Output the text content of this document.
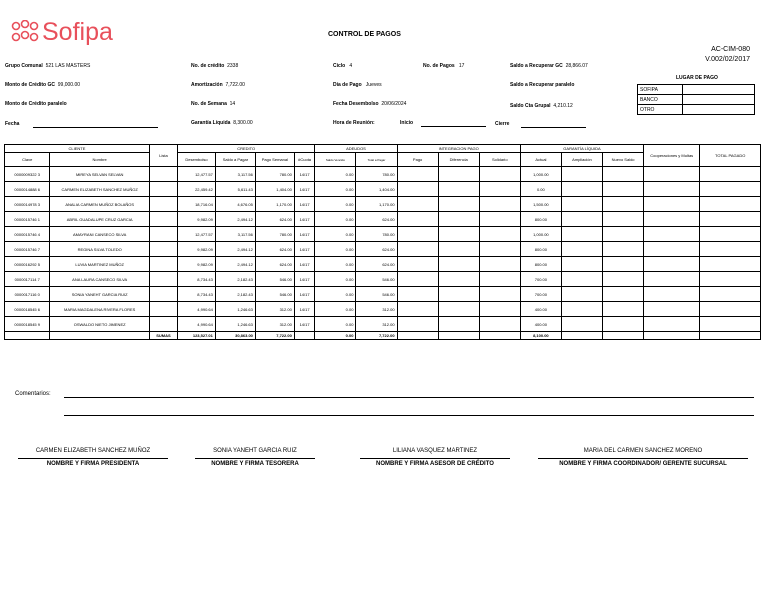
Sofipa	CONTROL DE PAGOS
AC-CIM-080
V.002/02/2017
Grupo Comunal 521 LAS MASTERS	No. de crédito 2338	Ciclo 4	No. de Pagos 17	Saldo a Recuperar GC 28,866.07
Monto de Crédito GC 99,000.00	Amortización 7,722.00	Día de Pago Jueves	Saldo a Recuperar paralelo
LUGAR DE PAGO
SOFIPA	
BANCO	
OTRO	
Monto de Crédito paralelo	No. de Semana 14	Fecha Desembolso 20/06/2024	Saldo Cta Grupal 4,210.12
Fecha	Garantía Líquida 8,300.00	Hora de Reunión:	Inicio	Cierre
CLIENTE		Lista	CREDITO				ADEUDOS		INTEGRACION PAGO			GARANTÍA LÍQUIDA			Cooperaciones y Multas	TOTAL PAGADO
Clave	Nombre		Desembolso	Saldo a Pagar	Pago Semanal	#Cuota	Saldo Vencido	Total a Pagar	Pago	Diferencia	Solidario	Actual	Ampliación	Nuevo Saldo		
0000009322 3	MIREYA SELVAN SELVAN		12,477.57	3,117.56	780.00	14/17	0.00	780.00				1,000.00				
0000014888 6	CARMEN ELIZABETH SANCHEZ MUÑOZ		22,459.42	5,611.43	1,404.00	14/17	0.00	1,404.00				0.00				
0000014978 3	ANALIA CARMEN MUÑOZ BOLAÑOS		18,716.04	4,676.05	1,170.00	14/17	0.00	1,170.00				1,500.00				
0000015746 1	ABRIL GUADALUPE CRUZ GARCIA		9,982.09	2,494.12	624.00	14/17	0.00	624.00				800.00				
0000015746 4	AMAYRANI CANSECO SILVA		12,477.57	3,117.56	780.00	14/17	0.00	780.00				1,000.00				
0000015746 7	REGINA SILVA TOLEDO		9,982.09	2,494.12	624.00	14/17	0.00	624.00				800.00				
0000016292 5	LUVIA MARTINEZ MUÑOZ		9,982.09	2,494.12	624.00	14/17	0.00	624.00				800.00				
0000017114 7	ANA LAURA CANSECO SILVA		8,734.43	2,182.43	546.00	14/17	0.00	546.00				700.00				
0000017116 0	SONIA YANEHT GARCIA RUIZ		8,734.43	2,182.43	546.00	14/17	0.00	546.00				700.00				
0000018545 6	MARIA MAGDALENA RIVERA FLORES		4,990.64	1,246.63	312.00	14/17	0.00	312.00				400.00				
0000018545 9	OSWALDO NIETO JIMENEZ		4,990.64	1,246.63	312.00	14/17	0.00	312.00				400.00				
		SUMAS	123,527.01	30,863.00	7,722.00		0.00	7,722.00				8,100.00				
Comentarios:
CARMEN ELIZABETH SANCHEZ MUÑOZ
NOMBRE Y FIRMA PRESIDENTA
SONIA YANEHT GARCIA RUIZ
NOMBRE Y FIRMA TESORERA
LILIANA VASQUEZ MARTINEZ
NOMBRE Y FIRMA ASESOR DE CRÉDITO
MARIA DEL CARMEN SANCHEZ MORENO
NOMBRE Y FIRMA COORDINADOR/ GERENTE SUCURSAL
